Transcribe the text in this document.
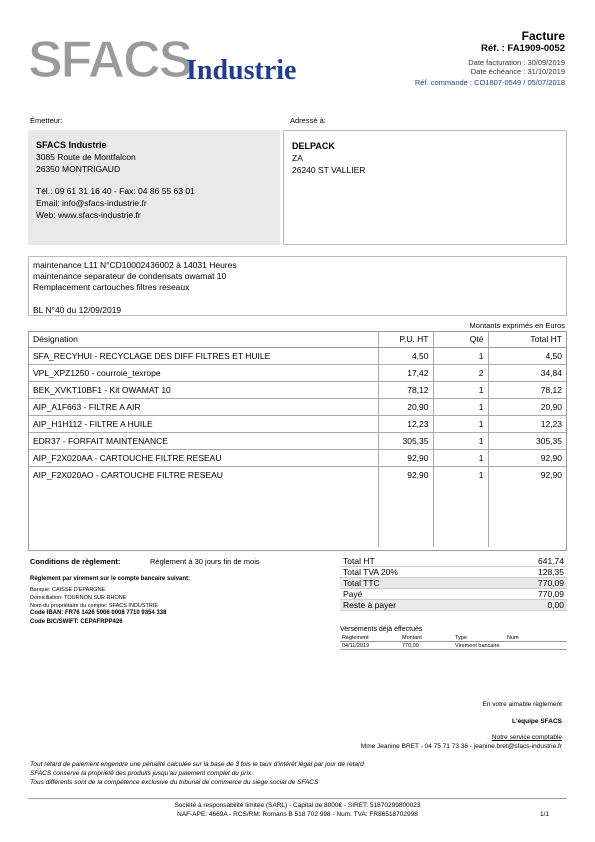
SFACS
Industrie
Facture
Réf. : FA1909-0052
Date facturation : 30/09/2019
Date échéance : 31/10/2019
Réf. commande : CO1807-0549 / 05/07/2018
Émetteur:	Adressé à:
SFACS Industrie
3085 Route de Montfalcon
26350 MONTRIGAUD
Tél.: 09 61 31 16 40 - Fax: 04 86 55 63 01
Email: info@sfacs-industrie.fr
Web: www.sfacs-industrie.fr
DELPACK
ZA
26240 ST VALLIER
maintenance L11 N°CD10002436002 à 14031 Heures
maintenance separateur de condensats owamat 10
Remplacement cartouches filtres reseaux
BL N°40 du 12/09/2019
Montants exprimés en Euros
Désignation	P.U. HT	Qté	Total HT
SFA_RECYHUI - RECYCLAGE DES DIFF FILTRES ET HUILE	4,50	1	4,50
VPL_XPZ1250 - courroie_texrope	17,42	2	34,84
BEK_XVKT10BF1 - Kit OWAMAT 10	78,12	1	78,12
AIP_A1F663 - FILTRE A AIR	20,90	1	20,90
AIP_H1H112 - FILTRE A HUILE	12,23	1	12,23
EDR37 - FORFAIT MAINTENANCE	305,35	1	305,35
AIP_F2X020AA - CARTOUCHE FILTRE RESEAU	92,90	1	92,90
AIP_F2X020AO - CARTOUCHE FILTRE RESEAU	92,90	1	92,90

Conditions de règlement:	Règlement à 30 jours fin de mois
Règlement par virement sur le compte bancaire suivant:
Banque: CAISSE D'EPARGNE
Domiciliation: TOURNON SUR RHONE
Nom du propriétaire du compte: SFACS INDUSTRIE
Code IBAN: FR76 1426 5006 0008 7710 9354 338
Code BIC/SWIFT: CEPAFRPP426
Total HT	641,74
Total TVA 20%	128,35
Total TTC	770,09
Payé	770,09
Reste à payer	0,00
Versements déjà effectués
Règlement	Montant	Type	Num
04/11/2019	770,09	Virement bancaire
En votre aimable règlement
L'équipe SFACS
Notre service comptable
Mme Jeanine BRET - 04 75 71 73 36 - jeanine.bret@sfacs-industrie.fr
Tout retard de paiement engendre une pénalité calculée sur la base de 3 fois le taux d'intérêt légal par jour de retard
SFACS conserve la propriété des produits jusqu'au paiement complet du prix
Tous différents sont de la compétence exclusive du tribunal de commerce du siège social de SFACS
Société à responsabilité limitée (SARL) - Capital de 8000€ - SIRET: 51870299800023
NAF-APE: 4669A - RCS/RM: Romans B 518 702 998 - Num. TVA: FR86518702998	1/1
